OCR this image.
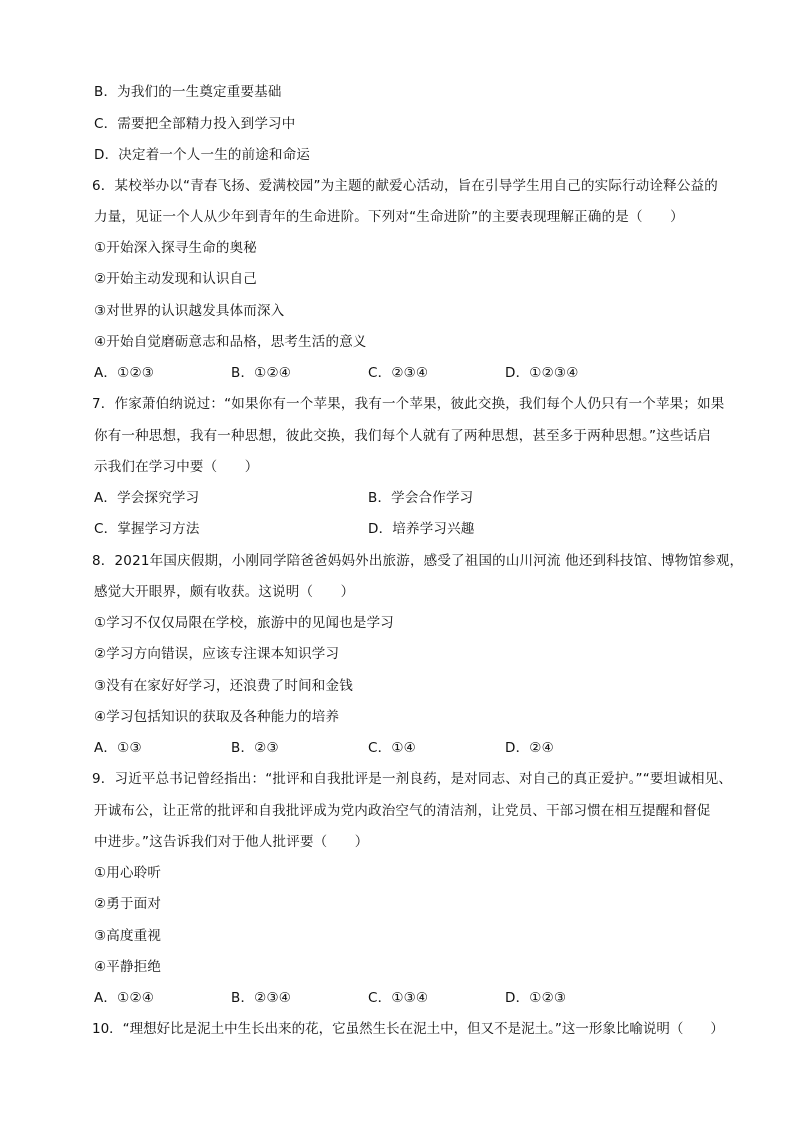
B．为我们的一生奠定重要基础
C．需要把全部精力投入到学习中
D．决定着一个人一生的前途和命运
6．某校举办以“青春飞扬、爱满校园”为主题的献爱心活动，旨在引导学生用自己的实际行动诠释公益的
力量，见证一个人从少年到青年的生命进阶。下列对“生命进阶”的主要表现理解正确的是（　　）
①开始深入探寻生命的奥秘
②开始主动发现和认识自己
③对世界的认识越发具体而深入
④开始自觉磨砺意志和品格，思考生活的意义
A．①②③	B．①②④	C．②③④	D．①②③④
7．作家萧伯纳说过：“如果你有一个苹果，我有一个苹果，彼此交换，我们每个人仍只有一个苹果；如果
你有一种思想，我有一种思想，彼此交换，我们每个人就有了两种思想，甚至多于两种思想。”这些话启
示我们在学习中要（　　）
A．学会探究学习	B．学会合作学习
C．掌握学习方法	D．培养学习兴趣
8．2021年国庆假期，小刚同学陪爸爸妈妈外出旅游，感受了祖国的山川河流 他还到科技馆、博物馆参观，
感觉大开眼界，颇有收获。这说明（　　）
①学习不仅仅局限在学校，旅游中的见闻也是学习
②学习方向错误，应该专注课本知识学习
③没有在家好好学习，还浪费了时间和金钱
④学习包括知识的获取及各种能力的培养
A．①③	B．②③	C．①④	D．②④
9．习近平总书记曾经指出：“批评和自我批评是一剂良药，是对同志、对自己的真正爱护。”“要坦诚相见、
开诚布公，让正常的批评和自我批评成为党内政治空气的清洁剂，让党员、干部习惯在相互提醒和督促
中进步。”这告诉我们对于他人批评要（　　）
①用心聆听
②勇于面对
③高度重视
④平静拒绝
A．①②④	B．②③④	C．①③④	D．①②③
10．“理想好比是泥土中生长出来的花，它虽然生长在泥土中，但又不是泥土。”这一形象比喻说明（　　）
